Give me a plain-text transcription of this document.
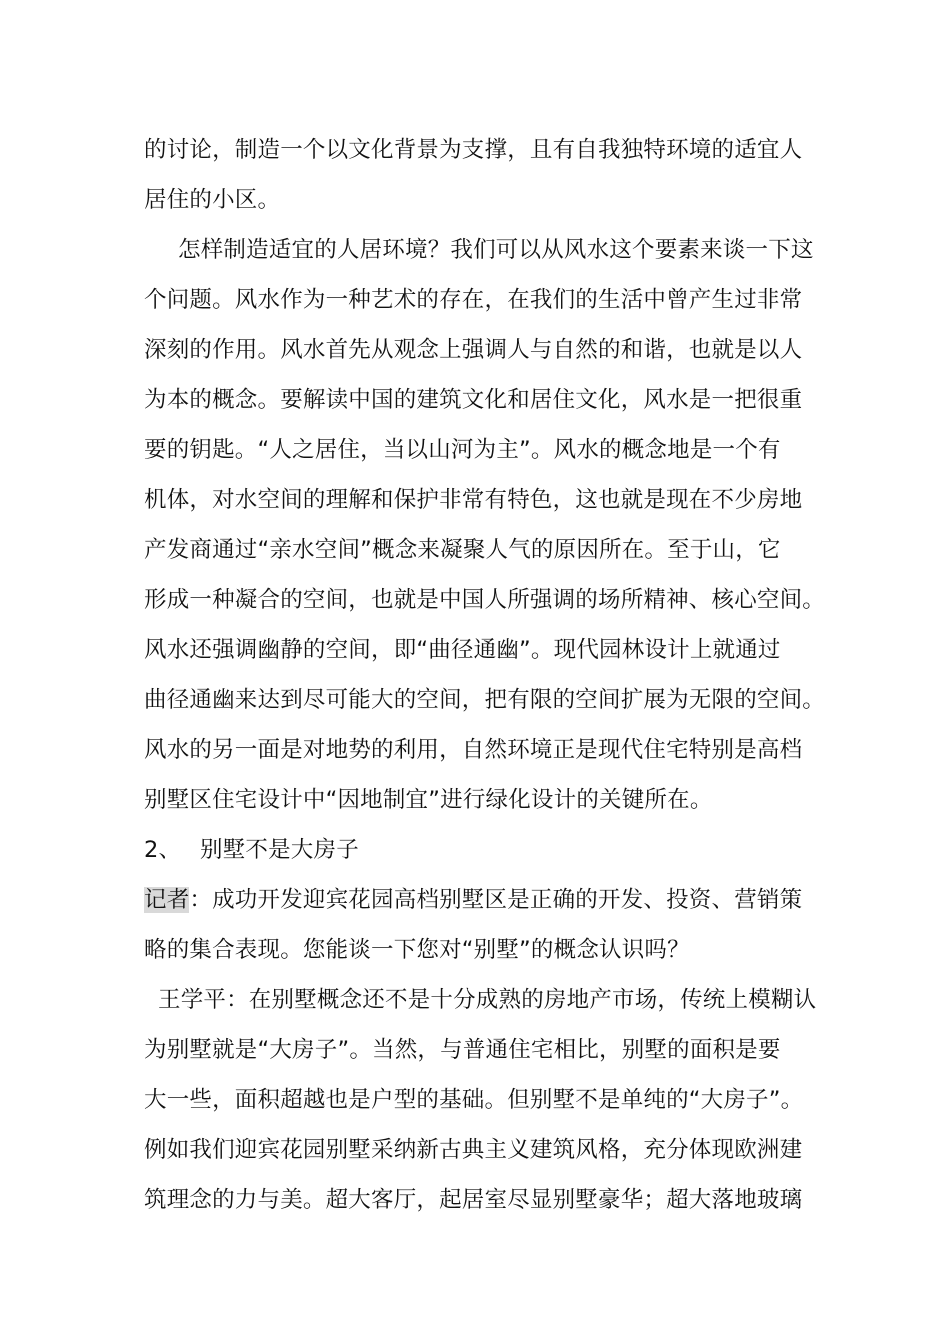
的讨论，制造一个以文化背景为支撑，且有自我独特环境的适宜人
居住的小区。
怎样制造适宜的人居环境？我们可以从风水这个要素来谈一下这
个问题。风水作为一种艺术的存在，在我们的生活中曾产生过非常
深刻的作用。风水首先从观念上强调人与自然的和谐，也就是以人
为本的概念。要解读中国的建筑文化和居住文化，风水是一把很重
要的钥匙。“人之居住，当以山河为主”。风水的概念地是一个有
机体，对水空间的理解和保护非常有特色，这也就是现在不少房地
产发商通过“亲水空间”概念来凝聚人气的原因所在。至于山，它
形成一种凝合的空间，也就是中国人所强调的场所精神、核心空间。
风水还强调幽静的空间，即“曲径通幽”。现代园林设计上就通过
曲径通幽来达到尽可能大的空间，把有限的空间扩展为无限的空间。
风水的另一面是对地势的利用，自然环境正是现代住宅特别是高档
别墅区住宅设计中“因地制宜”进行绿化设计的关键所在。
2、 别墅不是大房子
记者：成功开发迎宾花园高档别墅区是正确的开发、投资、营销策
略的集合表现。您能谈一下您对“别墅”的概念认识吗？
王学平：在别墅概念还不是十分成熟的房地产市场，传统上模糊认
为别墅就是“大房子”。当然，与普通住宅相比，别墅的面积是要
大一些，面积超越也是户型的基础。但别墅不是单纯的“大房子”。
例如我们迎宾花园别墅采纳新古典主义建筑风格，充分体现欧洲建
筑理念的力与美。超大客厅，起居室尽显别墅豪华；超大落地玻璃
